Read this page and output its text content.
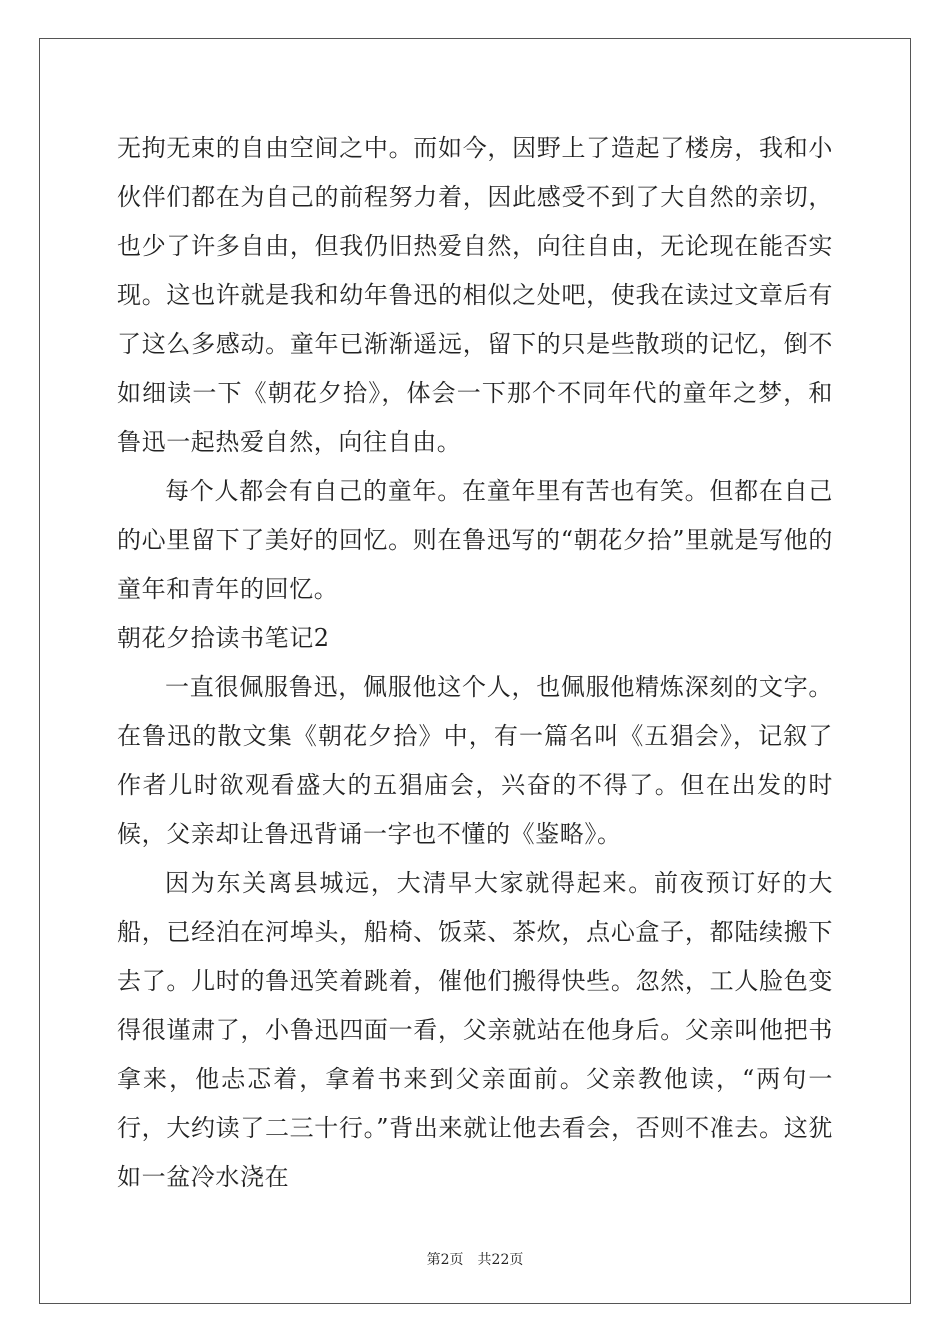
无拘无束的自由空间之中。而如今，因野上了造起了楼房，我和小伙伴们都在为自己的前程努力着，因此感受不到了大自然的亲切，也少了许多自由，但我仍旧热爱自然，向往自由，无论现在能否实现。这也许就是我和幼年鲁迅的相似之处吧，使我在读过文章后有了这么多感动。童年已渐渐遥远，留下的只是些散琐的记忆，倒不如细读一下《朝花夕拾》，体会一下那个不同年代的童年之梦，和鲁迅一起热爱自然，向往自由。

每个人都会有自己的童年。在童年里有苦也有笑。但都在自己的心里留下了美好的回忆。则在鲁迅写的“朝花夕拾”里就是写他的童年和青年的回忆。

朝花夕拾读书笔记2

一直很佩服鲁迅，佩服他这个人，也佩服他精炼深刻的文字。在鲁迅的散文集《朝花夕拾》中，有一篇名叫《五猖会》，记叙了作者儿时欲观看盛大的五猖庙会，兴奋的不得了。但在出发的时候，父亲却让鲁迅背诵一字也不懂的《鉴略》。

因为东关离县城远，大清早大家就得起来。前夜预订好的大船，已经泊在河埠头，船椅、饭菜、茶炊，点心盒子，都陆续搬下去了。儿时的鲁迅笑着跳着，催他们搬得快些。忽然，工人脸色变得很谨肃了，小鲁迅四面一看，父亲就站在他身后。父亲叫他把书拿来，他忐忑着，拿着书来到父亲面前。父亲教他读，“两句一行，大约读了二三十行。”背出来就让他去看会，否则不准去。这犹如一盆冷水浇在

第2页 共22页
